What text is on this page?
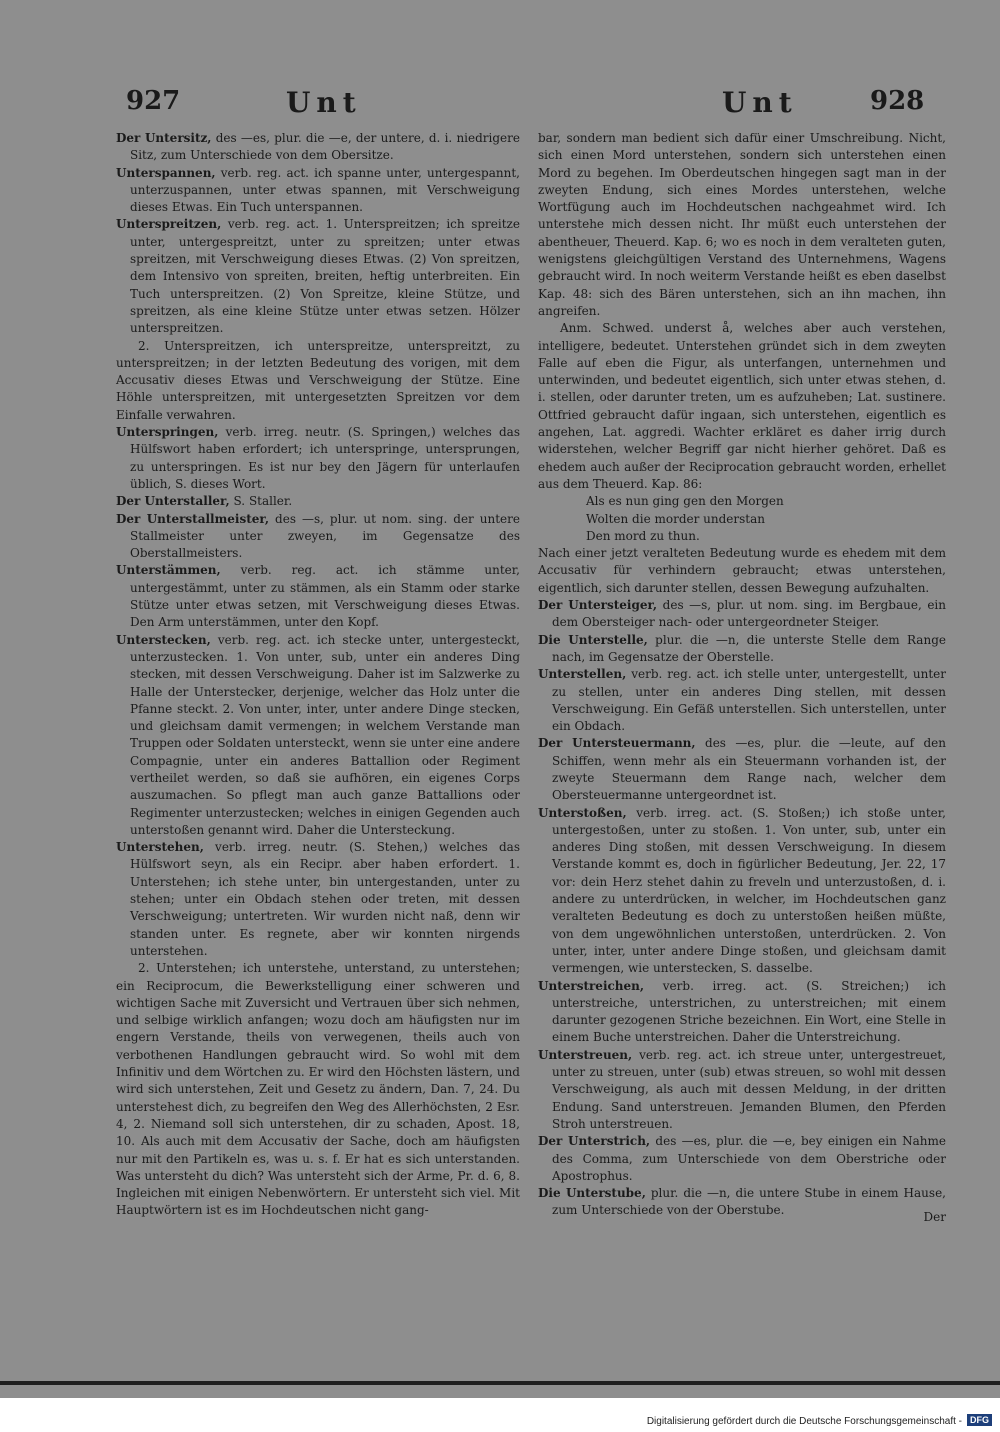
927	Unt	Unt	928

Der Untersitz, des —es, plur. die —e, der untere, d. i. niedrigere Sitz, zum Unterschiede von dem Obersitze.

Unterspannen, verb. reg. act. ich spanne unter, untergespannt, unterzuspannen, unter etwas spannen, mit Verschweigung dieses Etwas. Ein Tuch unterspannen.

Unterspreitzen, verb. reg. act. 1. Untersprei⁠tzen; ich spreitze unter, untergespreitzt, unter zu spreitzen; unter etwas spreitzen, mit Verschweigung dieses Etwas. (2) Von spreitzen, dem Intensivo von spreiten, breiten, heftig unterbreiten. Ein Tuch unterspreitzen. (2) Von Spreitze, kleine Stütze, und spreitzen, als eine kleine Stütze unter etwas setzen. Hölzer unterspreitzen.

2. Unterspreitzen, ich unterspreitze, unterspreitzt, zu unterspreitzen; in der letzten Bedeutung des vorigen, mit dem Accusativ dieses Etwas und Verschweigung der Stütze. Eine Höhle unterspreitzen, mit untergesetzten Spreitzen vor dem Einfalle verwahren.

Unterspringen, verb. irreg. neutr. (S. Springen,) welches das Hülfswort haben erfordert; ich unterspringe, untersprungen, zu unterspringen. Es ist nur bey den Jägern für unterlaufen üblich, S. dieses Wort.

Der Unterstaller, S. Staller.

Der Unterstallmeister, des —s, plur. ut nom. sing. der untere Stallmeister unter zweyen, im Gegensatze des Oberstallmeisters.

Unterstämmen, verb. reg. act. ich stämme unter, untergestämmt, unter zu stämmen, als ein Stamm oder starke Stütze unter etwas setzen, mit Verschweigung dieses Etwas. Den Arm unterstämmen, unter den Kopf.

Unterstecken, verb. reg. act. ich stecke unter, untergesteckt, unterzustecken. 1. Von unter, sub, unter ein anderes Ding stecken, mit dessen Verschweigung. Daher ist im Salzwerke zu Halle der Unterstecker, derjenige, welcher das Holz unter die Pfanne steckt. 2. Von unter, inter, unter andere Dinge stecken, und gleichsam damit vermengen; in welchem Verstande man Truppen oder Soldaten untersteckt, wenn sie unter eine andere Compagnie, unter ein anderes Battallion oder Regiment vertheilet werden, so daß sie aufhören, ein eigenes Corps auszumachen. So pflegt man auch ganze Battallions oder Regimenter unterzustecken; welches in einigen Gegenden auch unterstoßen genannt wird. Daher die Untersteckung.

Unterstehen, verb. irreg. neutr. (S. Stehen,) welches das Hülfswort seyn, als ein Recipr. aber haben erfordert. 1. Unterstehen; ich stehe unter, bin untergestanden, unter zu stehen; unter ein Obdach stehen oder treten, mit dessen Verschweigung; untertreten. Wir wurden nicht naß, denn wir standen unter. Es regnete, aber wir konnten nirgends unterstehen.

2. Unterstehen; ich unterstehe, unterstand, zu unterstehen; ein Reciprocum, die Bewerkstelligung einer schweren und wichtigen Sache mit Zuversicht und Vertrauen über sich nehmen, und selbige wirklich anfangen; wozu doch am häufigsten nur im engern Verstande, theils von verwegenen, theils auch von verbothenen Handlungen gebraucht wird. So wohl mit dem Infinitiv und dem Wörtchen zu. Er wird den Höchsten lästern, und wird sich unterstehen, Zeit und Gesetz zu ändern, Dan. 7, 24. Du unterstehest dich, zu begreifen den Weg des Allerhöchsten, 2 Esr. 4, 2. Niemand soll sich unterstehen, dir zu schaden, Apost. 18, 10. Als auch mit dem Accusativ der Sache, doch am häufigsten nur mit den Partikeln es, was u. s. f. Er hat es sich unterstanden. Was untersteht du dich? Was untersteht sich der Arme, Pr. d. 6, 8. Ingleichen mit einigen Nebenwörtern. Er untersteht sich viel. Mit Hauptwörtern ist es im Hochdeutschen nicht gang-

bar, sondern man bedient sich dafür einer Umschreibung. Nicht, sich einen Mord unterstehen, sondern sich unterstehen einen Mord zu begehen. Im Oberdeutschen hingegen sagt man in der zweyten Endung, sich eines Mordes unterstehen, welche Wortfügung auch im Hochdeutschen nachgeahmet wird. Ich unterstehe mich dessen nicht. Ihr müßt euch unterstehen der abentheuer, Theuerd. Kap. 6; wo es noch in dem veralteten guten, wenigstens gleichgültigen Verstand des Unternehmens, Wagens gebraucht wird. In noch weiterm Verstande heißt es eben daselbst Kap. 48: sich des Bären unterstehen, sich an ihn machen, ihn angreifen.

Anm. Schwed. underst å, welches aber auch verstehen, intelligere, bedeutet. Unterstehen gründet sich in dem zweyten Falle auf eben die Figur, als unterfangen, unternehmen und unterwinden, und bedeutet eigentlich, sich unter etwas stehen, d. i. stellen, oder darunter treten, um es aufzuheben; Lat. sustinere. Ottfried gebraucht dafür ingaan, sich unterstehen, eigentlich es angehen, Lat. aggredi. Wachter erkläret es daher irrig durch widerstehen, welcher Begriff gar nicht hierher gehöret. Daß es ehedem auch außer der Reciprocation gebraucht worden, erhellet aus dem Theuerd. Kap. 86:

Als es nun ging gen den Morgen

Wolten die morder understan

Den mord zu thun.

Nach einer jetzt veralteten Bedeutung wurde es ehedem mit dem Accusativ für verhindern gebraucht; etwas unterstehen, eigentlich, sich darunter stellen, dessen Bewegung aufzuhalten.

Der Untersteiger, des —s, plur. ut nom. sing. im Bergbaue, ein dem Obersteiger nach- oder untergeordneter Steiger.

Die Unterstelle, plur. die —n, die unterste Stelle dem Range nach, im Gegensatze der Oberstelle.

Unterstellen, verb. reg. act. ich stelle unter, untergestellt, unter zu stellen, unter ein anderes Ding stellen, mit dessen Verschweigung. Ein Gefäß unterstellen. Sich unterstellen, unter ein Obdach.

Der Untersteuermann, des —es, plur. die —leute, auf den Schiffen, wenn mehr als ein Steuermann vorhanden ist, der zweyte Steuermann dem Range nach, welcher dem Obersteuermanne untergeordnet ist.

Unterstoßen, verb. irreg. act. (S. Stoßen;) ich stoße unter, untergestoßen, unter zu stoßen. 1. Von unter, sub, unter ein anderes Ding stoßen, mit dessen Verschweigung. In diesem Verstande kommt es, doch in figürlicher Bedeutung, Jer. 22, 17 vor: dein Herz stehet dahin zu freveln und unterzustoßen, d. i. andere zu unterdrücken, in welcher, im Hochdeutschen ganz veralteten Bedeutung es doch zu unterstoßen heißen müßte, von dem ungewöhnlichen unterstoßen, unterdrücken. 2. Von unter, inter, unter andere Dinge stoßen, und gleichsam damit vermengen, wie unterstecken, S. dasselbe.

Unterstreichen, verb. irreg. act. (S. Streichen;) ich unterstreiche, unterstrichen, zu unterstreichen; mit einem darunter gezogenen Striche bezeichnen. Ein Wort, eine Stelle in einem Buche unterstreichen. Daher die Unterstreichung.

Unterstreuen, verb. reg. act. ich streue unter, untergestreuet, unter zu streuen, unter (sub) etwas streuen, so wohl mit dessen Verschweigung, als auch mit dessen Meldung, in der dritten Endung. Sand unterstreuen. Jemanden Blumen, den Pferden Stroh unterstreuen.

Der Unterstrich, des —es, plur. die —e, bey einigen ein Nahme des Comma, zum Unterschiede von dem Oberstriche oder Apostrophus.

Die Unterstube, plur. die —n, die untere Stube in einem Hause, zum Unterschiede von der Oberstube.	Der
Digitalisierung gefördert durch die Deutsche Forschungsgemeinschaft - DFG
